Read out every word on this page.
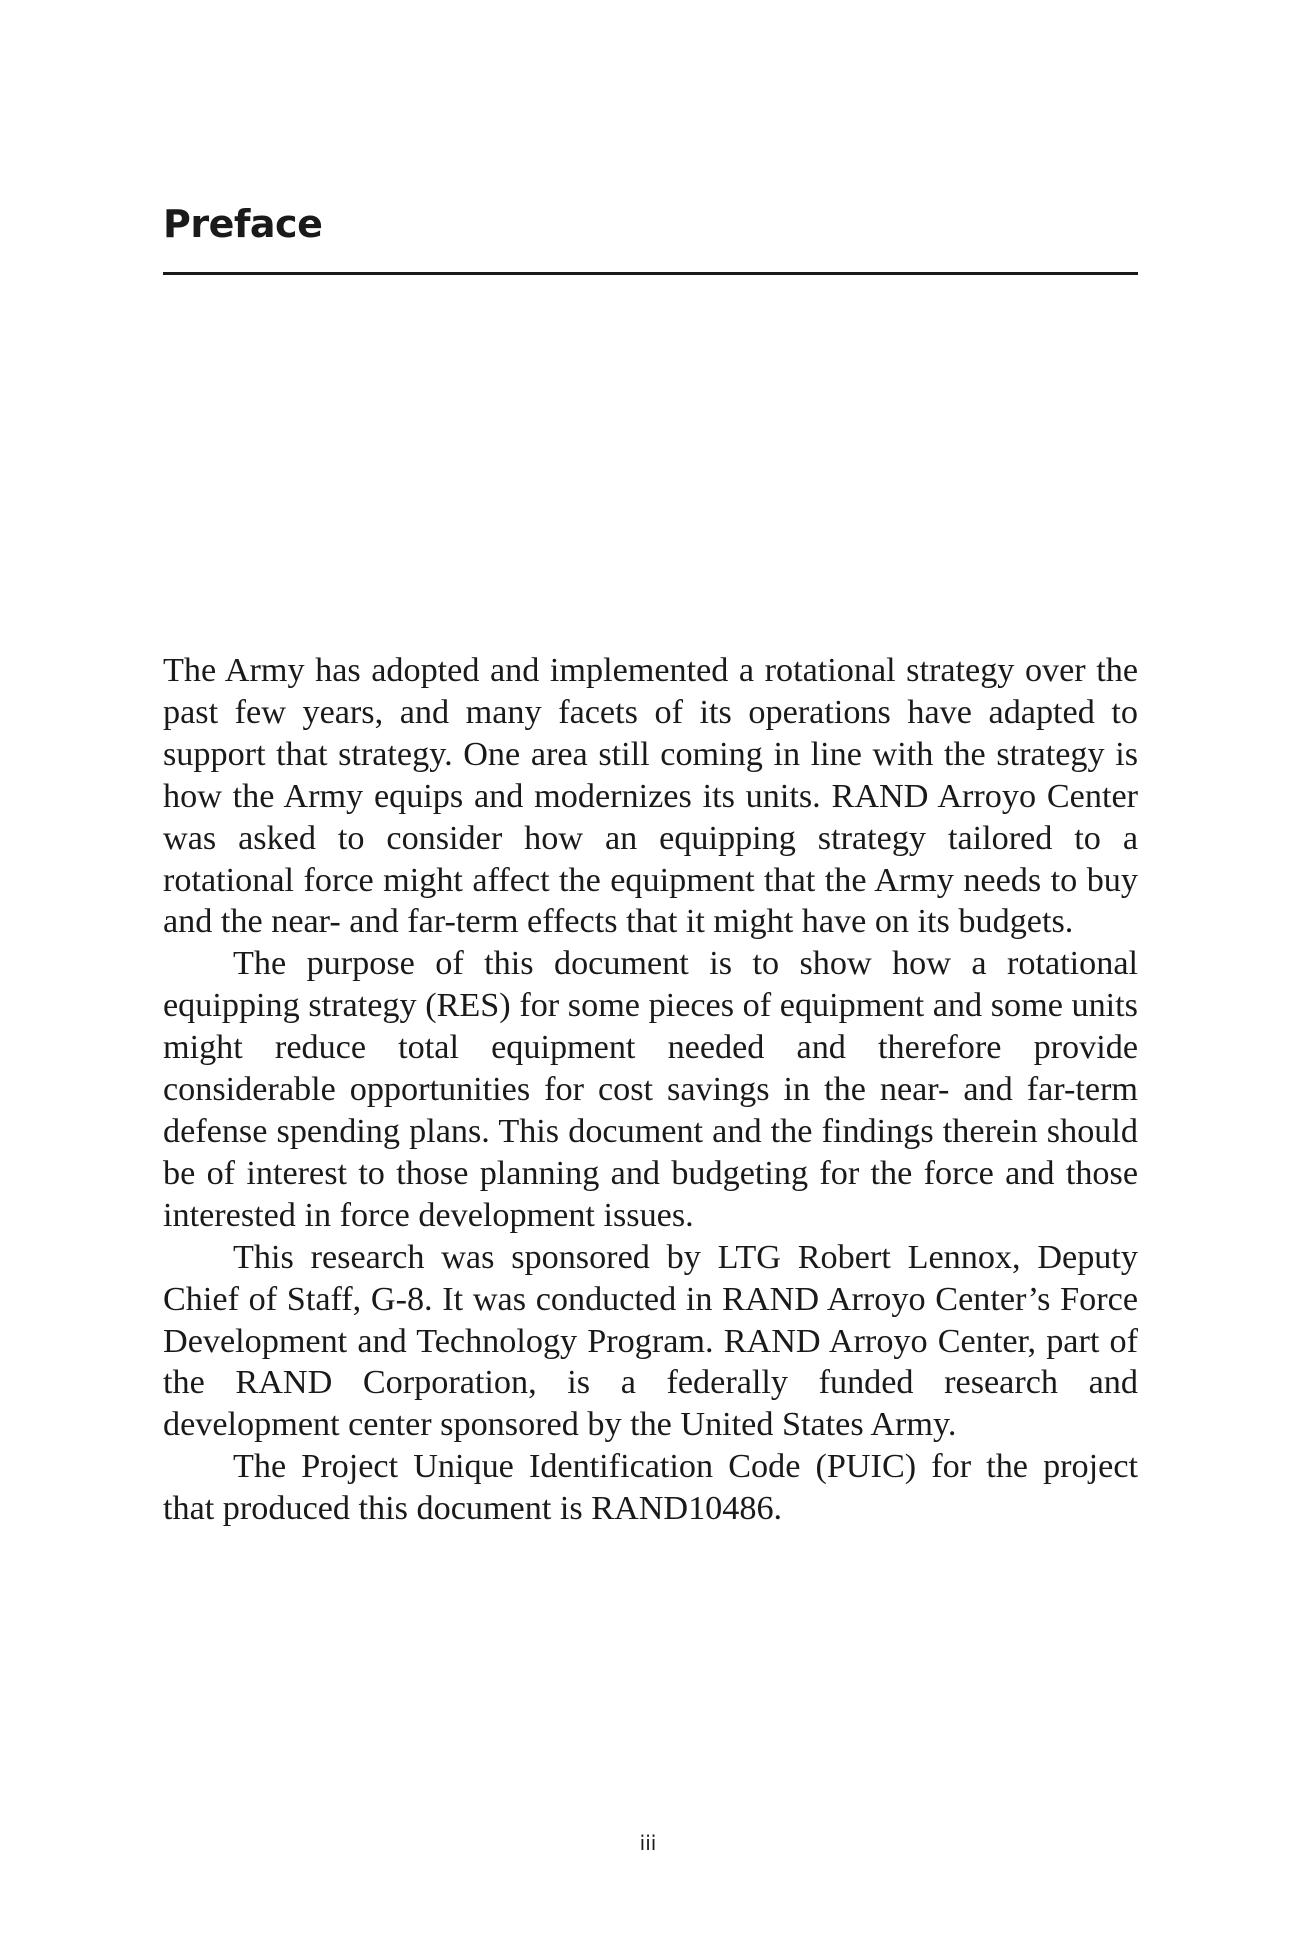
Preface

The Army has adopted and implemented a rotational strategy over the past few years, and many facets of its operations have adapted to support that strategy. One area still coming in line with the strategy is how the Army equips and modernizes its units. RAND Arroyo Center was asked to consider how an equipping strategy tailored to a rotational force might affect the equipment that the Army needs to buy and the near- and far-term effects that it might have on its budgets.

The purpose of this document is to show how a rotational equipping strategy (RES) for some pieces of equipment and some units might reduce total equipment needed and therefore provide considerable opportunities for cost savings in the near- and far-term defense spending plans. This document and the findings therein should be of interest to those planning and budgeting for the force and those interested in force development issues.

This research was sponsored by LTG Robert Lennox, Deputy Chief of Staff, G-8. It was conducted in RAND Arroyo Center’s Force Development and Technology Program. RAND Arroyo Center, part of the RAND Corporation, is a federally funded research and development center sponsored by the United States Army.

The Project Unique Identification Code (PUIC) for the project that produced this document is RAND10486.

iii
